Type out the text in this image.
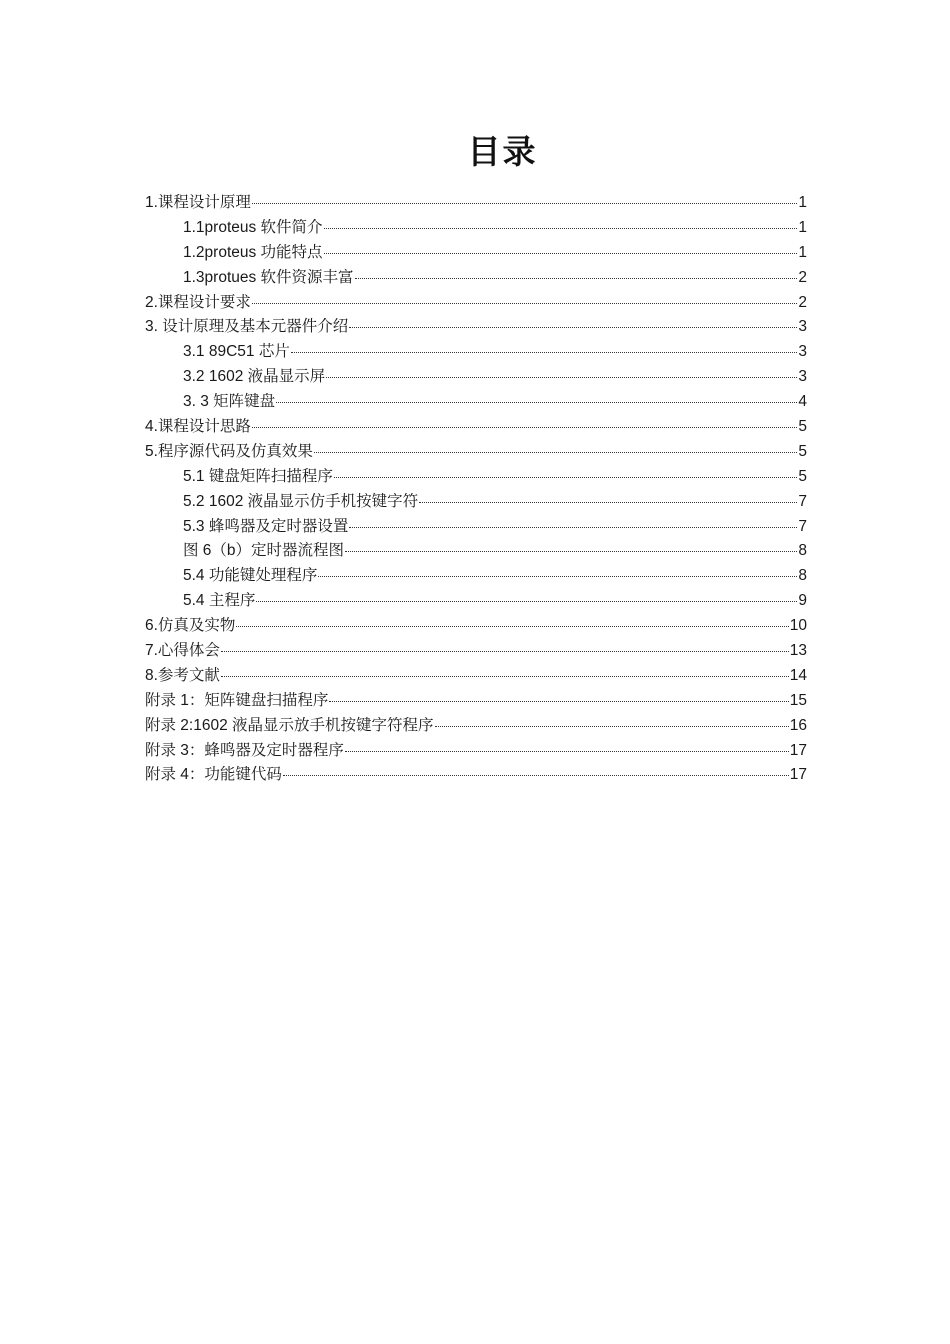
目录
1.课程设计原理	1
1.1proteus 软件简介	1
1.2proteus 功能特点	1
1.3protues 软件资源丰富	2
2.课程设计要求	2
3. 设计原理及基本元器件介绍	3
3.1 89C51 芯片	3
3.2 1602 液晶显示屏	3
3. 3 矩阵键盘	4
4.课程设计思路	5
5.程序源代码及仿真效果	5
5.1 键盘矩阵扫描程序	5
5.2 1602 液晶显示仿手机按键字符	7
5.3 蜂鸣器及定时器设置	7
图 6（b）定时器流程图	8
5.4 功能键处理程序	8
5.4 主程序	9
6.仿真及实物	10
7.心得体会	13
8.参考文献	14
附录 1：矩阵键盘扫描程序	15
附录 2:1602 液晶显示放手机按键字符程序	16
附录 3：蜂鸣器及定时器程序	17
附录 4：功能键代码	17
